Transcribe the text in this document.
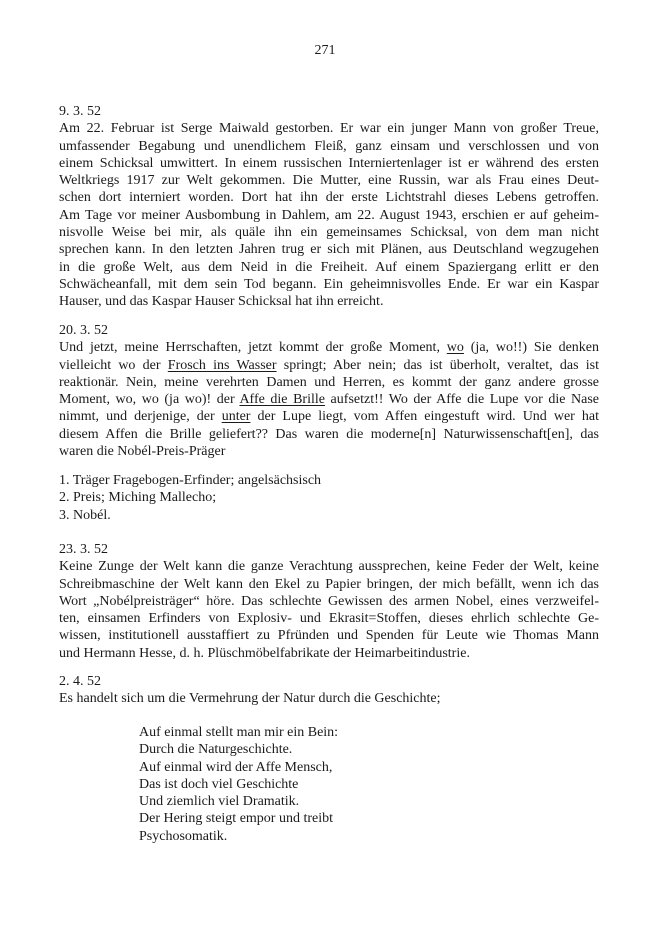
271
9. 3. 52
Am 22. Februar ist Serge Maiwald gestorben. Er war ein junger Mann von großer Treue,
umfassender Begabung und unendlichem Fleiß, ganz einsam und verschlossen und von
einem Schicksal umwittert. In einem russischen Interniertenlager ist er während des ersten
Weltkriegs 1917 zur Welt gekommen. Die Mutter, eine Russin, war als Frau eines Deut-
schen dort interniert worden. Dort hat ihn der erste Lichtstrahl dieses Lebens getroffen.
Am Tage vor meiner Ausbombung in Dahlem, am 22. August 1943, erschien er auf geheim-
nisvolle Weise bei mir, als quäle ihn ein gemeinsames Schicksal, von dem man nicht
sprechen kann. In den letzten Jahren trug er sich mit Plänen, aus Deutschland wegzugehen
in die große Welt, aus dem Neid in die Freiheit. Auf einem Spaziergang erlitt er den
Schwächeanfall, mit dem sein Tod begann. Ein geheimnisvolles Ende. Er war ein Kaspar
Hauser, und das Kaspar Hauser Schicksal hat ihn erreicht.
20. 3. 52
Und jetzt, meine Herrschaften, jetzt kommt der große Moment, wo (ja, wo!!) Sie denken
vielleicht wo der Frosch ins Wasser springt; Aber nein; das ist überholt, veraltet, das ist
reaktionär. Nein, meine verehrten Damen und Herren, es kommt der ganz andere grosse
Moment, wo, wo (ja wo)! der Affe die Brille aufsetzt!! Wo der Affe die Lupe vor die Nase
nimmt, und derjenige, der unter der Lupe liegt, vom Affen eingestuft wird. Und wer hat
diesem Affen die Brille geliefert?? Das waren die moderne[n] Naturwissenschaft[en], das
waren die Nobél-Preis-Präger
1. Träger Fragebogen-Erfinder; angelsächsisch
2. Preis; Miching Mallecho;
3. Nobél.
23. 3. 52
Keine Zunge der Welt kann die ganze Verachtung aussprechen, keine Feder der Welt, keine
Schreibmaschine der Welt kann den Ekel zu Papier bringen, der mich befällt, wenn ich das
Wort „Nobélpreisträger“ höre. Das schlechte Gewissen des armen Nobel, eines verzweifel-
ten, einsamen Erfinders von Explosiv- und Ekrasit=Stoffen, dieses ehrlich schlechte Ge-
wissen, institutionell ausstaffiert zu Pfründen und Spenden für Leute wie Thomas Mann
und Hermann Hesse, d. h. Plüschmöbelfabrikate der Heimarbeitindustrie.
2. 4. 52
Es handelt sich um die Vermehrung der Natur durch die Geschichte;
Auf einmal stellt man mir ein Bein:
Durch die Naturgeschichte.
Auf einmal wird der Affe Mensch,
Das ist doch viel Geschichte
Und ziemlich viel Dramatik.
Der Hering steigt empor und treibt
Psychosomatik.
